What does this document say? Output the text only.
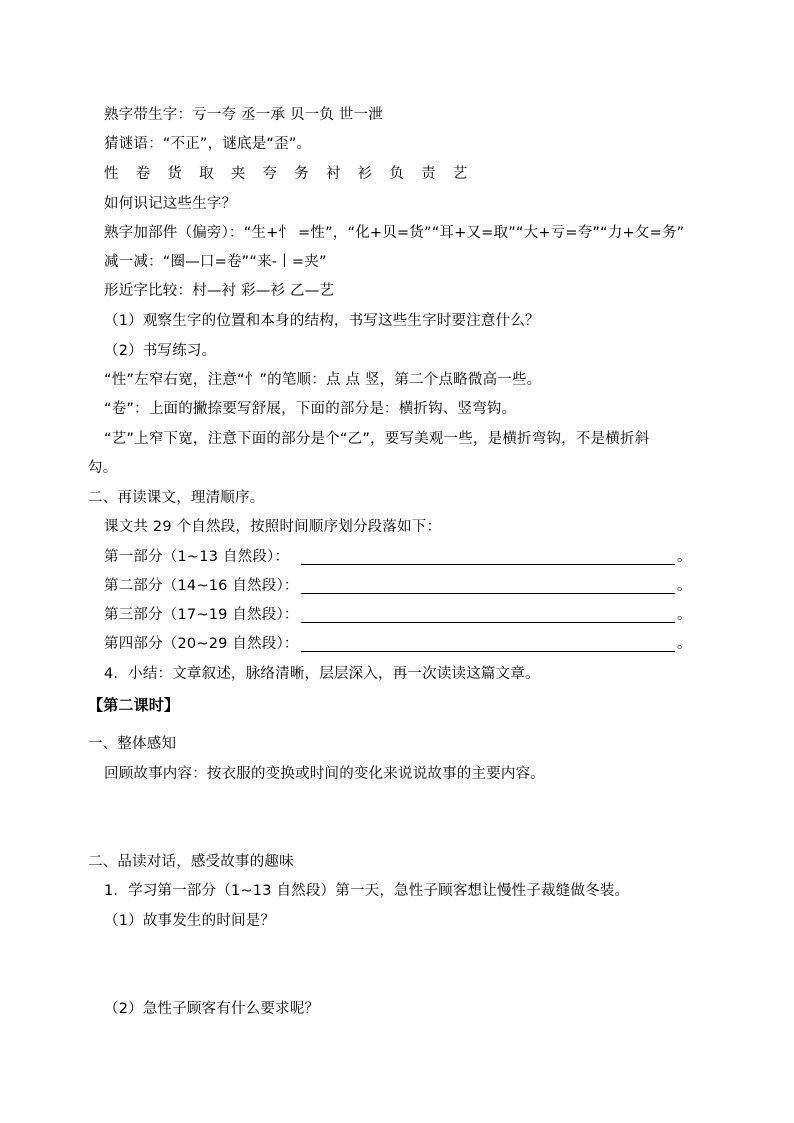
熟字带生字：亏一夸 丞一承 贝一负 世一泄
猜谜语：“不正”，谜底是“歪”。
性 卷 货 取 夹 夸 务 衬 衫 负 责 艺
如何识记这些生字？
熟字加部件（偏旁）：“生+忄 =性”，“化+贝=货”“耳+又=取”“大+亏=夸”“力+攵=务”
减一减：“圈—口=卷”“来-丨=夹”
形近字比较：村—衬 彩—衫 乙—艺
（1）观察生字的位置和本身的结构，书写这些生字时要注意什么？
（2）书写练习。
“性”左窄右宽，注意“忄”的笔顺：点 点 竖，第二个点略微高一些。
“卷”：上面的撇捺要写舒展，下面的部分是：横折钩、竖弯钩。
“艺”上窄下宽，注意下面的部分是个“乙”，要写美观一些，是横折弯钩，不是横折斜
勾。
二、再读课文，理清顺序。
课文共 29 个自然段，按照时间顺序划分段落如下：
第一部分（1~13 自然段）：	。
第二部分（14~16 自然段）：	。
第三部分（17~19 自然段）：	。
第四部分（20~29 自然段）：	。
4．小结：文章叙述，脉络清晰，层层深入，再一次读读这篇文章。
【第二课时】
一、整体感知
回顾故事内容：按衣服的变换或时间的变化来说说故事的主要内容。
二、品读对话，感受故事的趣味
1．学习第一部分（1~13 自然段）第一天，急性子顾客想让慢性子裁缝做冬装。
（1）故事发生的时间是？
（2）急性子顾客有什么要求呢？
